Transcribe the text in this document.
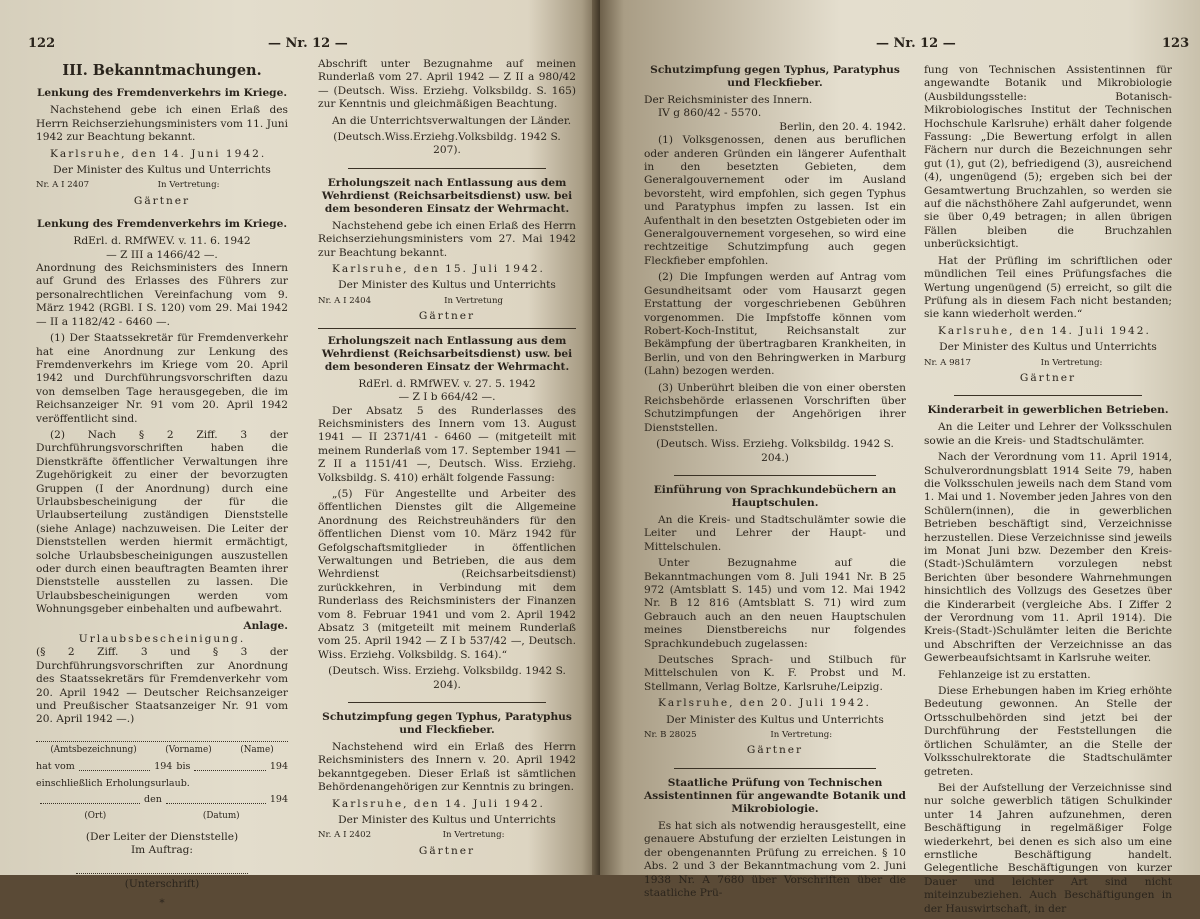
122	— Nr. 12 —
III. Bekanntmachungen.
Lenkung des Fremdenverkehrs im Kriege.

Nachstehend gebe ich einen Erlaß des Herrn Reichserziehungsministers vom 11. Juni 1942 zur Beachtung bekannt.

Karlsruhe, den 14. Juni 1942.

Der Minister des Kultus und Unterrichts
Nr. A I 2407	In Vertretung:
Gärtner
Lenkung des Fremdenverkehrs im Kriege.
RdErl. d. RMfWEV. v. 11. 6. 1942
— Z III a 1466/42 —.

Anordnung des Reichsministers des Innern auf Grund des Erlasses des Führers zur personalrechtlichen Vereinfachung vom 9. März 1942 (RGBl. I S. 120) vom 29. Mai 1942 — II a 1182/42 - 6460 —.

(1) Der Staatssekretär für Fremdenverkehr hat eine Anordnung zur Lenkung des Fremdenverkehrs im Kriege vom 20. April 1942 und Durchführungsvorschriften dazu von demselben Tage herausgegeben, die im Reichsanzeiger Nr. 91 vom 20. April 1942 veröffentlicht sind.

(2) Nach § 2 Ziff. 3 der Durchführungsvorschriften haben die Dienstkräfte öffentlicher Verwaltungen ihre Zugehörigkeit zu einer der bevorzugten Gruppen (I der Anordnung) durch eine Urlaubsbescheinigung der für die Urlaubserteilung zuständigen Dienststelle (siehe Anlage) nachzuweisen. Die Leiter der Dienststellen werden hiermit ermächtigt, solche Urlaubsbescheinigungen auszustellen oder durch einen beauftragten Beamten ihrer Dienststelle ausstellen zu lassen. Die Urlaubsbescheinigungen werden vom Wohnungsgeber einbehalten und aufbewahrt.

Anlage.
Urlaubsbescheinigung.

(§ 2 Ziff. 3 und § 3 der Durchführungsvorschriften zur Anordnung des Staatssekretärs für Fremdenverkehr vom 20. April 1942 — Deutscher Reichsanzeiger und Preußischer Staatsanzeiger Nr. 91 vom 20. April 1942 —.)

(Amtsbezeichnung)	(Vorname)	(Name)
hat vom	194 bis	194
einschließlich Erholungsurlaub.
den	194
(Ort)	(Datum)
(Der Leiter der Dienststelle)
Im Auftrag:
(Unterschrift)
*

Abschrift unter Bezugnahme auf meinen Runderlaß vom 27. April 1942 — Z II a 980/42 — (Deutsch. Wiss. Erziehg. Volksbildg. S. 165) zur Kenntnis und gleichmäßigen Beachtung.

An die Unterrichtsverwaltungen der Länder.

(Deutsch.Wiss.Erziehg.Volksbildg. 1942 S. 207).
Erholungszeit nach Entlassung aus dem Wehrdienst (Reichsarbeitsdienst) usw. bei dem besonderen Einsatz der Wehrmacht.

Nachstehend gebe ich einen Erlaß des Herrn Reichserziehungsministers vom 27. Mai 1942 zur Beachtung bekannt.

Karlsruhe, den 15. Juli 1942.

Der Minister des Kultus und Unterrichts
Nr. A I 2404	In Vertretung
Gärtner
Erholungszeit nach Entlassung aus dem Wehrdienst (Reichsarbeitsdienst) usw. bei dem besonderen Einsatz der Wehrmacht.
RdErl. d. RMfWEV. v. 27. 5. 1942
— Z I b 664/42 —.

Der Absatz 5 des Runderlasses des Reichsministers des Innern vom 13. August 1941 — II 2371/41 - 6460 — (mitgeteilt mit meinem Runderlaß vom 17. September 1941 — Z II a 1151/41 —, Deutsch. Wiss. Erziehg. Volksbildg. S. 410) erhält folgende Fassung:

„(5) Für Angestellte und Arbeiter des öffentlichen Dienstes gilt die Allgemeine Anordnung des Reichstreuhänders für den öffentlichen Dienst vom 10. März 1942 für Gefolgschaftsmitglieder in öffentlichen Verwaltungen und Betrieben, die aus dem Wehrdienst (Reichsarbeitsdienst) zurückkehren, in Verbindung mit dem Runderlass des Reichsministers der Finanzen vom 8. Februar 1941 und vom 2. April 1942 Absatz 3 (mitgeteilt mit meinem Runderlaß vom 25. April 1942 — Z I b 537/42 —, Deutsch. Wiss. Erziehg. Volksbildg. S. 164).“

(Deutsch. Wiss. Erziehg. Volksbildg. 1942 S. 204).
Schutzimpfung gegen Typhus, Paratyphus und Fleckfieber.

Nachstehend wird ein Erlaß des Herrn Reichsministers des Innern v. 20. April 1942 bekanntgegeben. Dieser Erlaß ist sämtlichen Behördenangehörigen zur Kenntnis zu bringen.

Karlsruhe, den 14. Juli 1942.

Der Minister des Kultus und Unterrichts
Nr. A I 2402	In Vertretung:
Gärtner
— Nr. 12 —	123
Schutzimpfung gegen Typhus, Paratyphus und Fleckfieber.
Der Reichsminister des Innern.
IV g 860/42 - 5570.
Berlin, den 20. 4. 1942.

(1) Volksgenossen, denen aus beruflichen oder anderen Gründen ein längerer Aufenthalt in den besetzten Gebieten, dem Generalgouvernement oder im Ausland bevorsteht, wird empfohlen, sich gegen Typhus und Paratyphus impfen zu lassen. Ist ein Aufenthalt in den besetzten Ostgebieten oder im Generalgouvernement vorgesehen, so wird eine rechtzeitige Schutzimpfung auch gegen Fleckfieber empfohlen.

(2) Die Impfungen werden auf Antrag vom Gesundheitsamt oder vom Hausarzt gegen Erstattung der vorgeschriebenen Gebühren vorgenommen. Die Impfstoffe können vom Robert-Koch-Institut, Reichsanstalt zur Bekämpfung der übertragbaren Krankheiten, in Berlin, und von den Behringwerken in Marburg (Lahn) bezogen werden.

(3) Unberührt bleiben die von einer obersten Reichsbehörde erlassenen Vorschriften über Schutzimpfungen der Angehörigen ihrer Dienststellen.

(Deutsch. Wiss. Erziehg. Volksbildg. 1942 S. 204.)
Einführung von Sprachkundebüchern an Hauptschulen.

An die Kreis- und Stadtschulämter sowie die Leiter und Lehrer der Haupt- und Mittelschulen.

Unter Bezugnahme auf die Bekanntmachungen vom 8. Juli 1941 Nr. B 25 972 (Amtsblatt S. 145) und vom 12. Mai 1942 Nr. B 12 816 (Amtsblatt S. 71) wird zum Gebrauch auch an den neuen Hauptschulen meines Dienstbereichs nur folgendes Sprachkundebuch zugelassen:

Deutsches Sprach- und Stilbuch für Mittelschulen von K. F. Probst und M. Stellmann, Verlag Boltze, Karlsruhe/Leipzig.

Karlsruhe, den 20. Juli 1942.

Der Minister des Kultus und Unterrichts
Nr. B 28025	In Vertretung:
Gärtner
Staatliche Prüfung von Technischen Assistentinnen für angewandte Botanik und Mikrobiologie.

Es hat sich als notwendig herausgestellt, eine genauere Abstufung der erzielten Leistungen in der obengenannten Prüfung zu erreichen. § 10 Abs. 2 und 3 der Bekanntmachung vom 2. Juni 1938 Nr. A 7680 über Vorschriften über die staatliche Prü-

fung von Technischen Assistentinnen für angewandte Botanik und Mikrobiologie (Ausbildungsstelle: Botanisch-Mikrobiologisches Institut der Technischen Hochschule Karlsruhe) erhält daher folgende Fassung: „Die Bewertung erfolgt in allen Fächern nur durch die Bezeichnungen sehr gut (1), gut (2), befriedigend (3), ausreichend (4), ungenügend (5); ergeben sich bei der Gesamtwertung Bruchzahlen, so werden sie auf die nächsthöhere Zahl aufgerundet, wenn sie über 0,49 betragen; in allen übrigen Fällen bleiben die Bruchzahlen unberücksichtigt.

Hat der Prüfling im schriftlichen oder mündlichen Teil eines Prüfungsfaches die Wertung ungenügend (5) erreicht, so gilt die Prüfung als in diesem Fach nicht bestanden; sie kann wiederholt werden.“

Karlsruhe, den 14. Juli 1942.

Der Minister des Kultus und Unterrichts
Nr. A 9817	In Vertretung:
Gärtner
Kinderarbeit in gewerblichen Betrieben.

An die Leiter und Lehrer der Volksschulen sowie an die Kreis- und Stadtschulämter.

Nach der Verordnung vom 11. April 1914, Schulverordnungsblatt 1914 Seite 79, haben die Volksschulen jeweils nach dem Stand vom 1. Mai und 1. November jeden Jahres von den Schülern(innen), die in gewerblichen Betrieben beschäftigt sind, Verzeichnisse herzustellen. Diese Verzeichnisse sind jeweils im Monat Juni bzw. Dezember den Kreis-(Stadt-)Schulämtern vorzulegen nebst Berichten über besondere Wahrnehmungen hinsichtlich des Vollzugs des Gesetzes über die Kinderarbeit (vergleiche Abs. I Ziffer 2 der Verordnung vom 11. April 1914). Die Kreis-(Stadt-)Schulämter leiten die Berichte und Abschriften der Verzeichnisse an das Gewerbeaufsichtsamt in Karlsruhe weiter.

Fehlanzeige ist zu erstatten.

Diese Erhebungen haben im Krieg erhöhte Bedeutung gewonnen. An Stelle der Ortsschulbehörden sind jetzt bei der Durchführung der Feststellungen die örtlichen Schulämter, an die Stelle der Volksschulrektorate die Stadtschulämter getreten.

Bei der Aufstellung der Verzeichnisse sind nur solche gewerblich tätigen Schulkinder unter 14 Jahren aufzunehmen, deren Beschäftigung in regelmäßiger Folge wiederkehrt, bei denen es sich also um eine ernstliche Beschäftigung handelt. Gelegentliche Beschäftigungen von kurzer Dauer und leichter Art sind nicht miteinzubeziehen. Auch Beschäftigungen in der Hauswirtschaft, in der
